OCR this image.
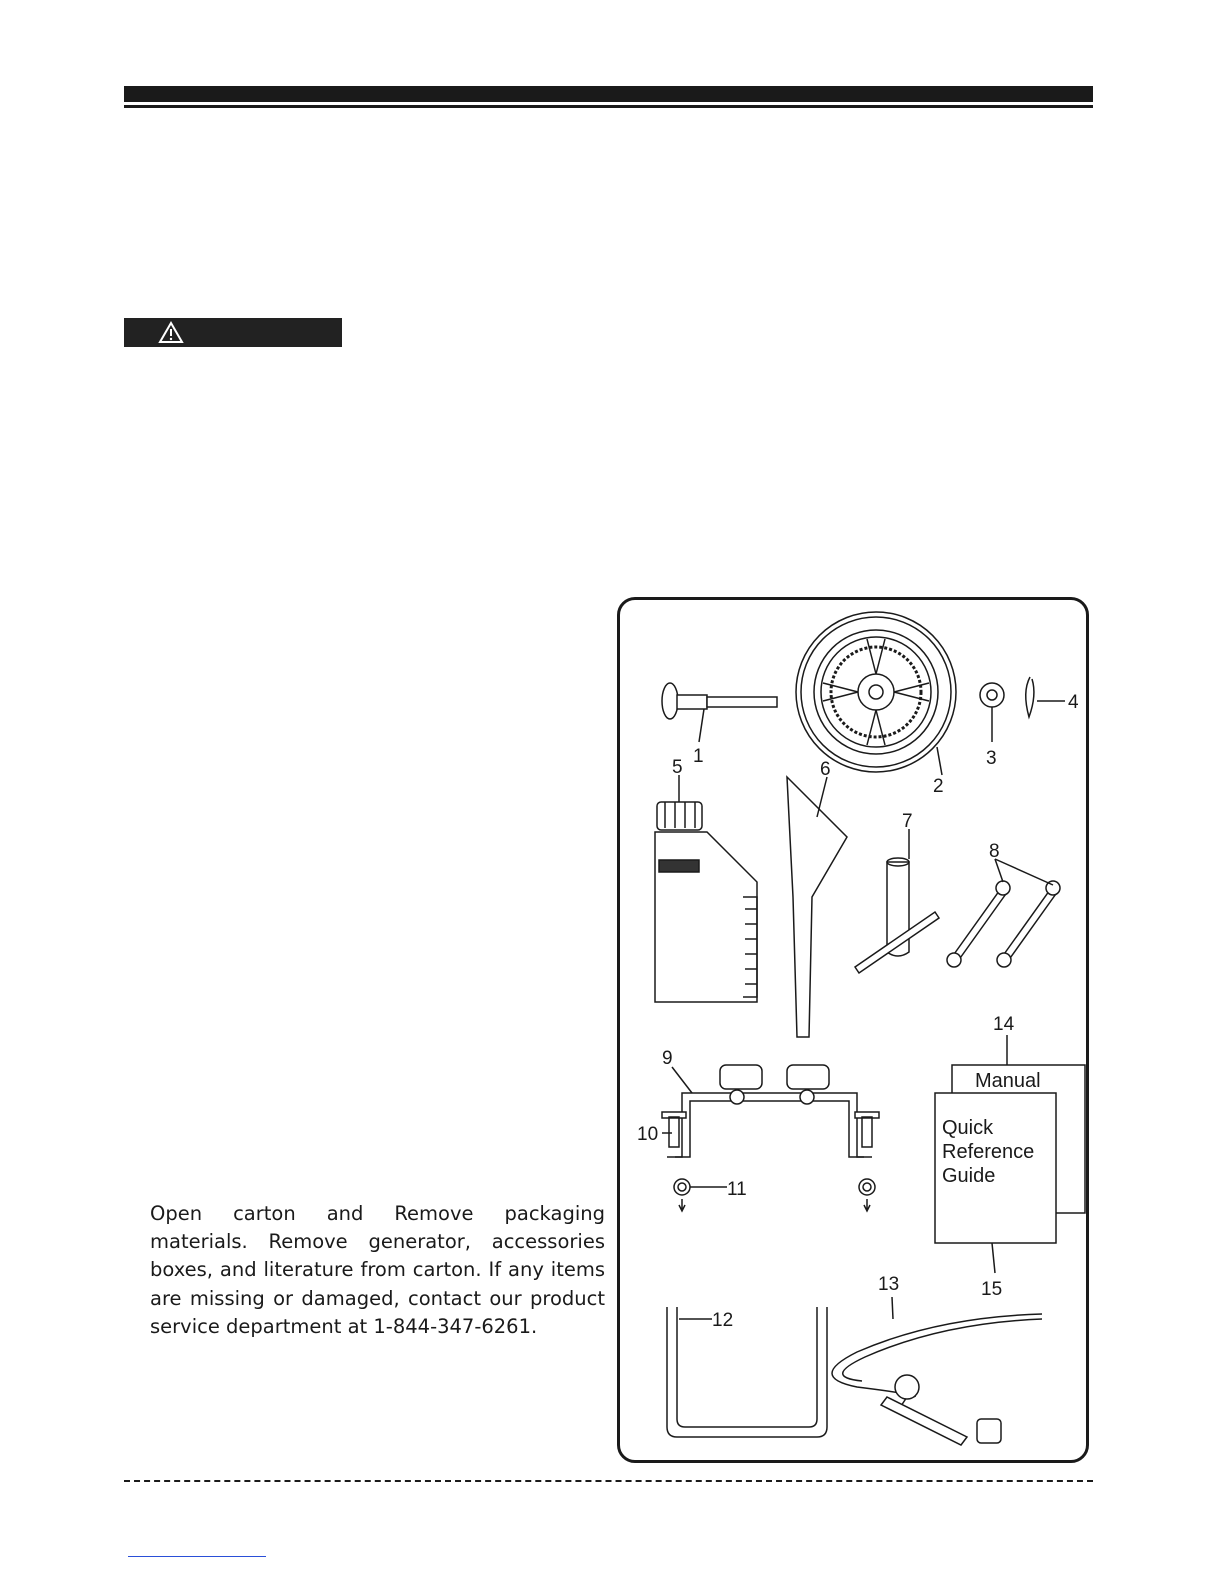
Open carton and Remove packaging materials. Remove generator, accessories boxes, and literature from carton. If any items are missing or damaged, contact our product service department at 1-844-347-6261.

Manual
Quick
Reference
Guide
1
2
3
4
5	6
7
8
9
10
11
12
13
14
15
